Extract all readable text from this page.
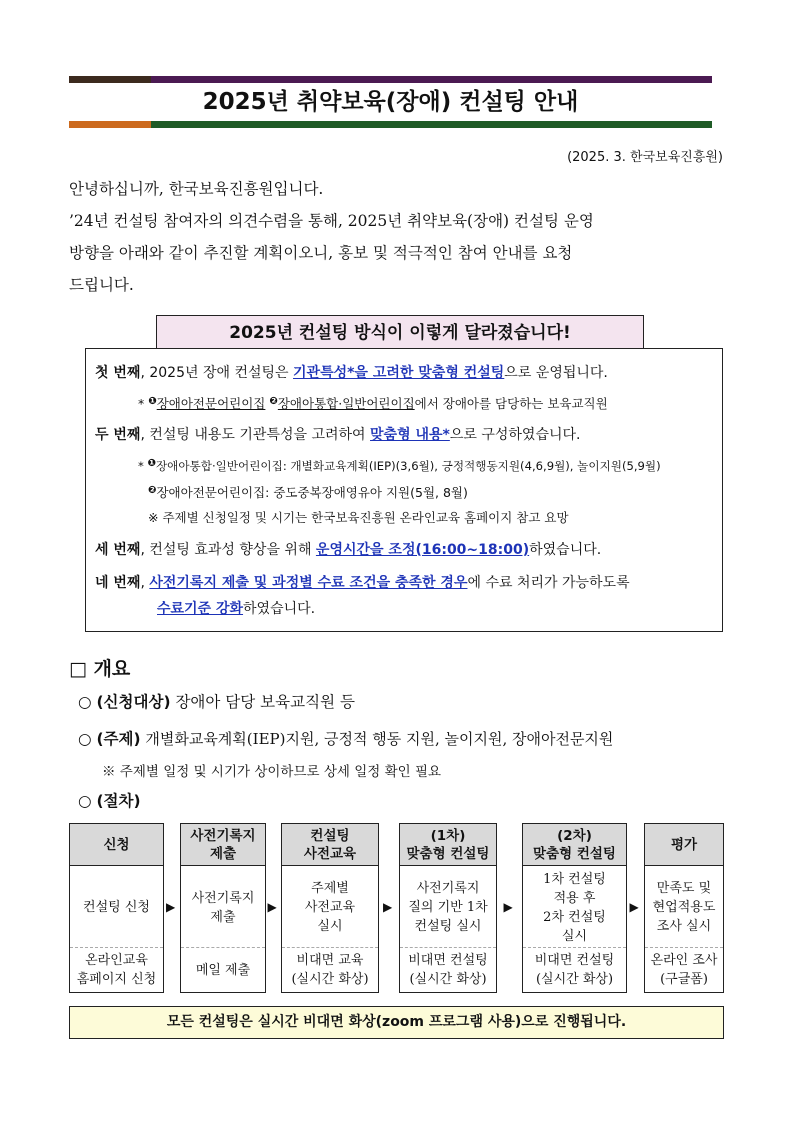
2025년 취약보육(장애) 컨설팅 안내
(2025. 3. 한국보육진흥원)
안녕하십니까, 한국보육진흥원입니다.
’24년 컨설팅 참여자의 의견수렴을 통해, 2025년 취약보육(장애) 컨설팅 운영
방향을 아래와 같이 추진할 계획이오니, 홍보 및 적극적인 참여 안내를 요청
드립니다.
2025년 컨설팅 방식이 이렇게 달라졌습니다!
첫 번째, 2025년 장애 컨설팅은 기관특성*을 고려한 맞춤형 컨설팅으로 운영됩니다.
* $^❶$장애아전문어린이집 $^❷$장애아통합·일반어린이집에서 장애아를 담당하는 보육교직원
두 번째, 컨설팅 내용도 기관특성을 고려하여 맞춤형 내용*으로 구성하였습니다.
* ❶장애아통합·일반어린이집: 개별화교육계획(IEP)(3,6월), 긍정적행동지원(4,6,9월), 놀이지원(5,9월)
$^❷$장애아전문어린이집: 중도중복장애영유아 지원(5월, 8월)
※ 주제별 신청일정 및 시기는 한국보육진흥원 온라인교육 홈페이지 참고 요망
세 번째, 컨설팅 효과성 향상을 위해 운영시간을 조정(16:00~18:00)하였습니다.
네 번째, 사전기록지 제출 및 과정별 수료 조건을 충족한 경우에 수료 처리가 가능하도록
수료기준 강화하였습니다.
□ 개요
○ (신청대상) 장애아 담당 보육교직원 등
○ (주제) 개별화교육계획(IEP)지원, 긍정적 행동 지원, 놀이지원, 장애아전문지원
※ 주제별 일정 및 시기가 상이하므로 상세 일정 확인 필요
○ (절차)
신청
컨설팅 신청
온라인교육
홈페이지 신청
▶
사전기록지
제출
사전기록지
제출
메일 제출
▶
컨설팅
사전교육
주제별
사전교육
실시
비대면 교육
(실시간 화상)
▶
(1차)
맞춤형 컨설팅
사전기록지
질의 기반 1차
컨설팅 실시
비대면 컨설팅
(실시간 화상)
▶
(2차)
맞춤형 컨설팅
1차 컨설팅
적용 후
2차 컨설팅
실시
비대면 컨설팅
(실시간 화상)
▶
평가
만족도 및
현업적용도
조사 실시
온라인 조사
(구글폼)
모든 컨설팅은 실시간 비대면 화상(zoom 프로그램 사용)으로 진행됩니다.
